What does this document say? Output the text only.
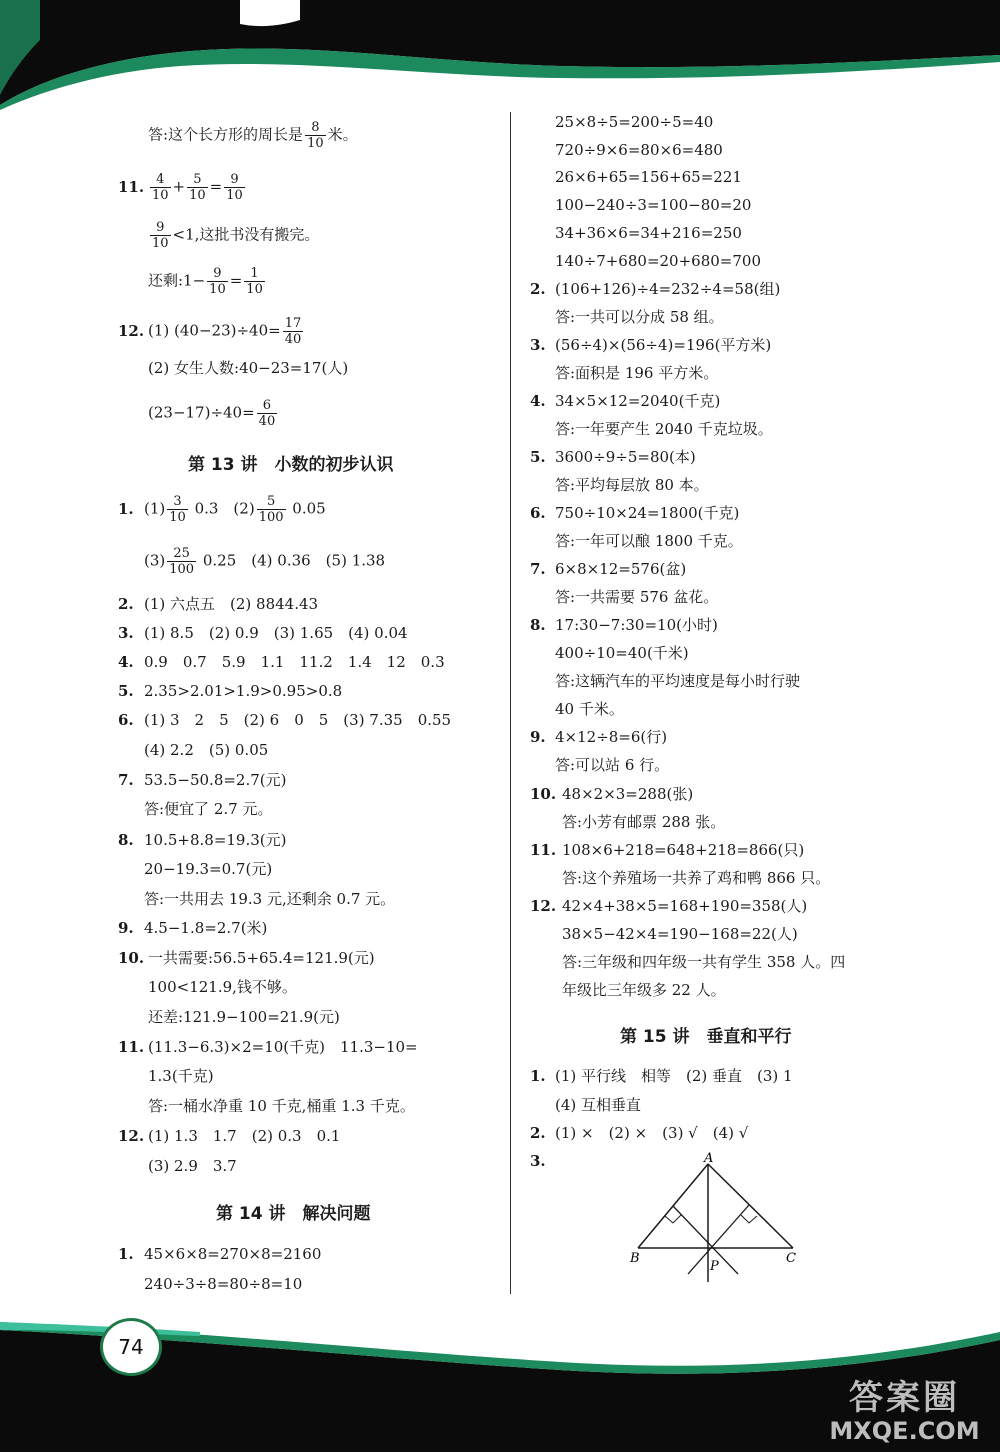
答:这个长方形的周长是 $\frac{8}{10}$ 米。
11. $\frac{4}{10} + \frac{5}{10} = \frac{9}{10}$
$\frac{9}{10} <1$,这批书没有搬完。
还剩:1− $\frac{9}{10} = \frac{1}{10}$
12. (1) $(40-23)\div 40= \frac{17}{40}$
(2) 女生人数:40−23=17(人)
$(23-17)\div 40= \frac{6}{40}$
第 13 讲　小数的初步认识
1. $(1) \frac{3}{10} 0.3$　$(2) \frac{5}{100} 0.05$
$(3) \frac{25}{100} 0.25$　(4) 0.36　(5) 1.38
2. (1) 六点五　(2) 8844.43
3. (1) 8.5　(2) 0.9　(3) 1.65　(4) 0.04
4. 0.9　0.7　5.9　1.1　11.2　1.4　12　0.3
5. 2.35>2.01>1.9>0.95>0.8
6. (1) 3　2　5　(2) 6　0　5　(3) 7.35　0.55
(4) 2.2　(5) 0.05
7. 53.5−50.8=2.7(元)
答:便宜了 2.7 元。
8. 10.5+8.8=19.3(元)
20−19.3=0.7(元)
答:一共用去 19.3 元,还剩余 0.7 元。
9. 4.5−1.8=2.7(米)
10. 一共需要:56.5+65.4=121.9(元)
100<121.9,钱不够。
还差:121.9−100=21.9(元)
11. (11.3−6.3)×2=10(千克)　11.3−10=
1.3(千克)
答:一桶水净重 10 千克,桶重 1.3 千克。
12. (1) 1.3　1.7　(2) 0.3　0.1
(3) 2.9　3.7
第 14 讲　解决问题
1. 45×6×8=270×8=2160
240÷3÷8=80÷8=10
25×8÷5=200÷5=40
720÷9×6=80×6=480
26×6+65=156+65=221
100−240÷3=100−80=20
34+36×6=34+216=250
140÷7+680=20+680=700
2. (106+126)÷4=232÷4=58(组)
答:一共可以分成 58 组。
3. (56÷4)×(56÷4)=196(平方米)
答:面积是 196 平方米。
4. 34×5×12=2040(千克)
答:一年要产生 2040 千克垃圾。
5. 3600÷9÷5=80(本)
答:平均每层放 80 本。
6. 750÷10×24=1800(千克)
答:一年可以酿 1800 千克。
7. 6×8×12=576(盆)
答:一共需要 576 盆花。
8. 17:30−7:30=10(小时)
400÷10=40(千米)
答:这辆汽车的平均速度是每小时行驶
40 千米。
9. 4×12÷8=6(行)
答:可以站 6 行。
10. 48×2×3=288(张)
答:小芳有邮票 288 张。
11. 108×6+218=648+218=866(只)
答:这个养殖场一共养了鸡和鸭 866 只。
12. 42×4+38×5=168+190=358(人)
38×5−42×4=190−168=22(人)
答:三年级和四年级一共有学生 358 人。四
年级比三年级多 22 人。
第 15 讲　垂直和平行
1. (1) 平行线　相等　(2) 垂直　(3) 1
(4) 互相垂直
2. (1) ×　(2) ×　(3) √　(4) √
3.	A
B	C
P
74
答案圈
MXQE.COM
